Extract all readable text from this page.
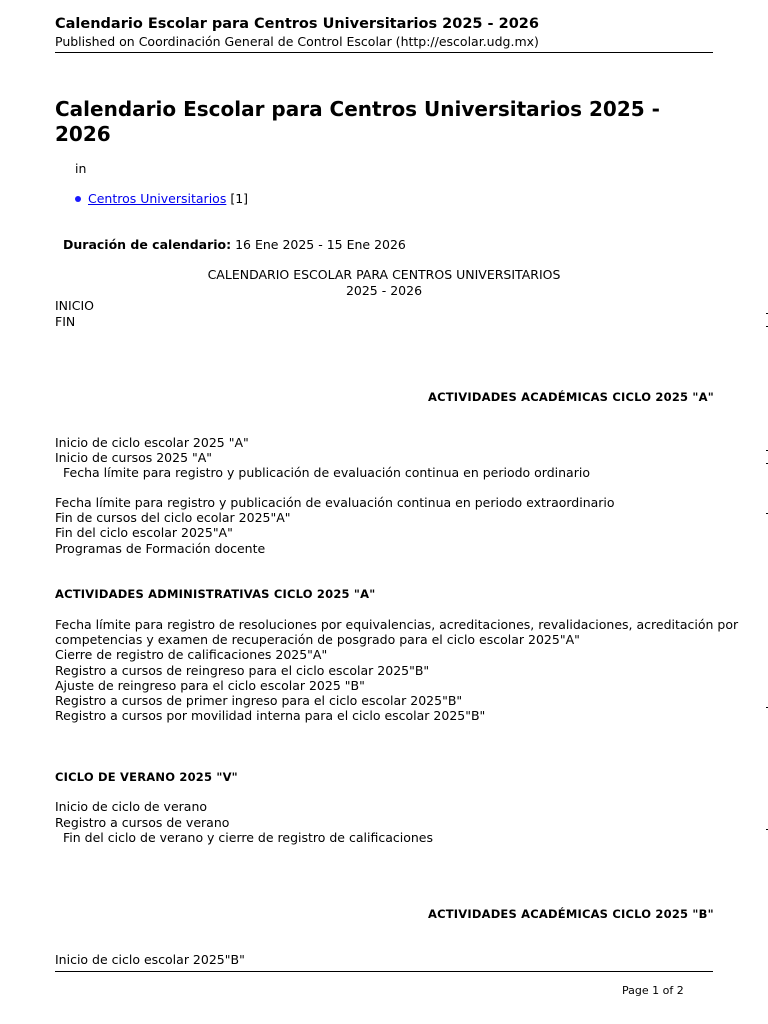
Calendario Escolar para Centros Universitarios 2025 - 2026
Published on Coordinación General de Control Escolar (http://escolar.udg.mx)
Calendario Escolar para Centros Universitarios 2025 - 2026
in
Centros Universitarios [1]
Duración de calendario: 16 Ene 2025 - 15 Ene 2026
CALENDARIO ESCOLAR PARA CENTROS UNIVERSITARIOS
2025 - 2026
INICIO
FIN
ACTIVIDADES ACADÉMICAS CICLO 2025 "A"
Inicio de ciclo escolar 2025 "A"
Inicio de cursos 2025 "A"
Fecha límite para registro y publicación de evaluación continua en periodo ordinario
Fecha límite para registro y publicación de evaluación continua en periodo extraordinario
Fin de cursos del ciclo ecolar 2025"A"
Fin del ciclo escolar 2025"A"
Programas de Formación docente
ACTIVIDADES ADMINISTRATIVAS CICLO 2025 "A"
Fecha límite para registro de resoluciones por equivalencias, acreditaciones, revalidaciones, acreditación por
competencias y examen de recuperación de posgrado para el ciclo escolar 2025"A"
Cierre de registro de calificaciones 2025"A"
Registro a cursos de reingreso para el ciclo escolar 2025"B"
Ajuste de reingreso para el ciclo escolar 2025 "B"
Registro a cursos de primer ingreso para el ciclo escolar 2025"B"
Registro a cursos por movilidad interna para el ciclo escolar 2025"B"
CICLO DE VERANO 2025 "V"
Inicio de ciclo de verano
Registro a cursos de verano
Fin del ciclo de verano y cierre de registro de calificaciones
ACTIVIDADES ACADÉMICAS CICLO 2025 "B"
Inicio de ciclo escolar 2025"B"
Page 1 of 2
